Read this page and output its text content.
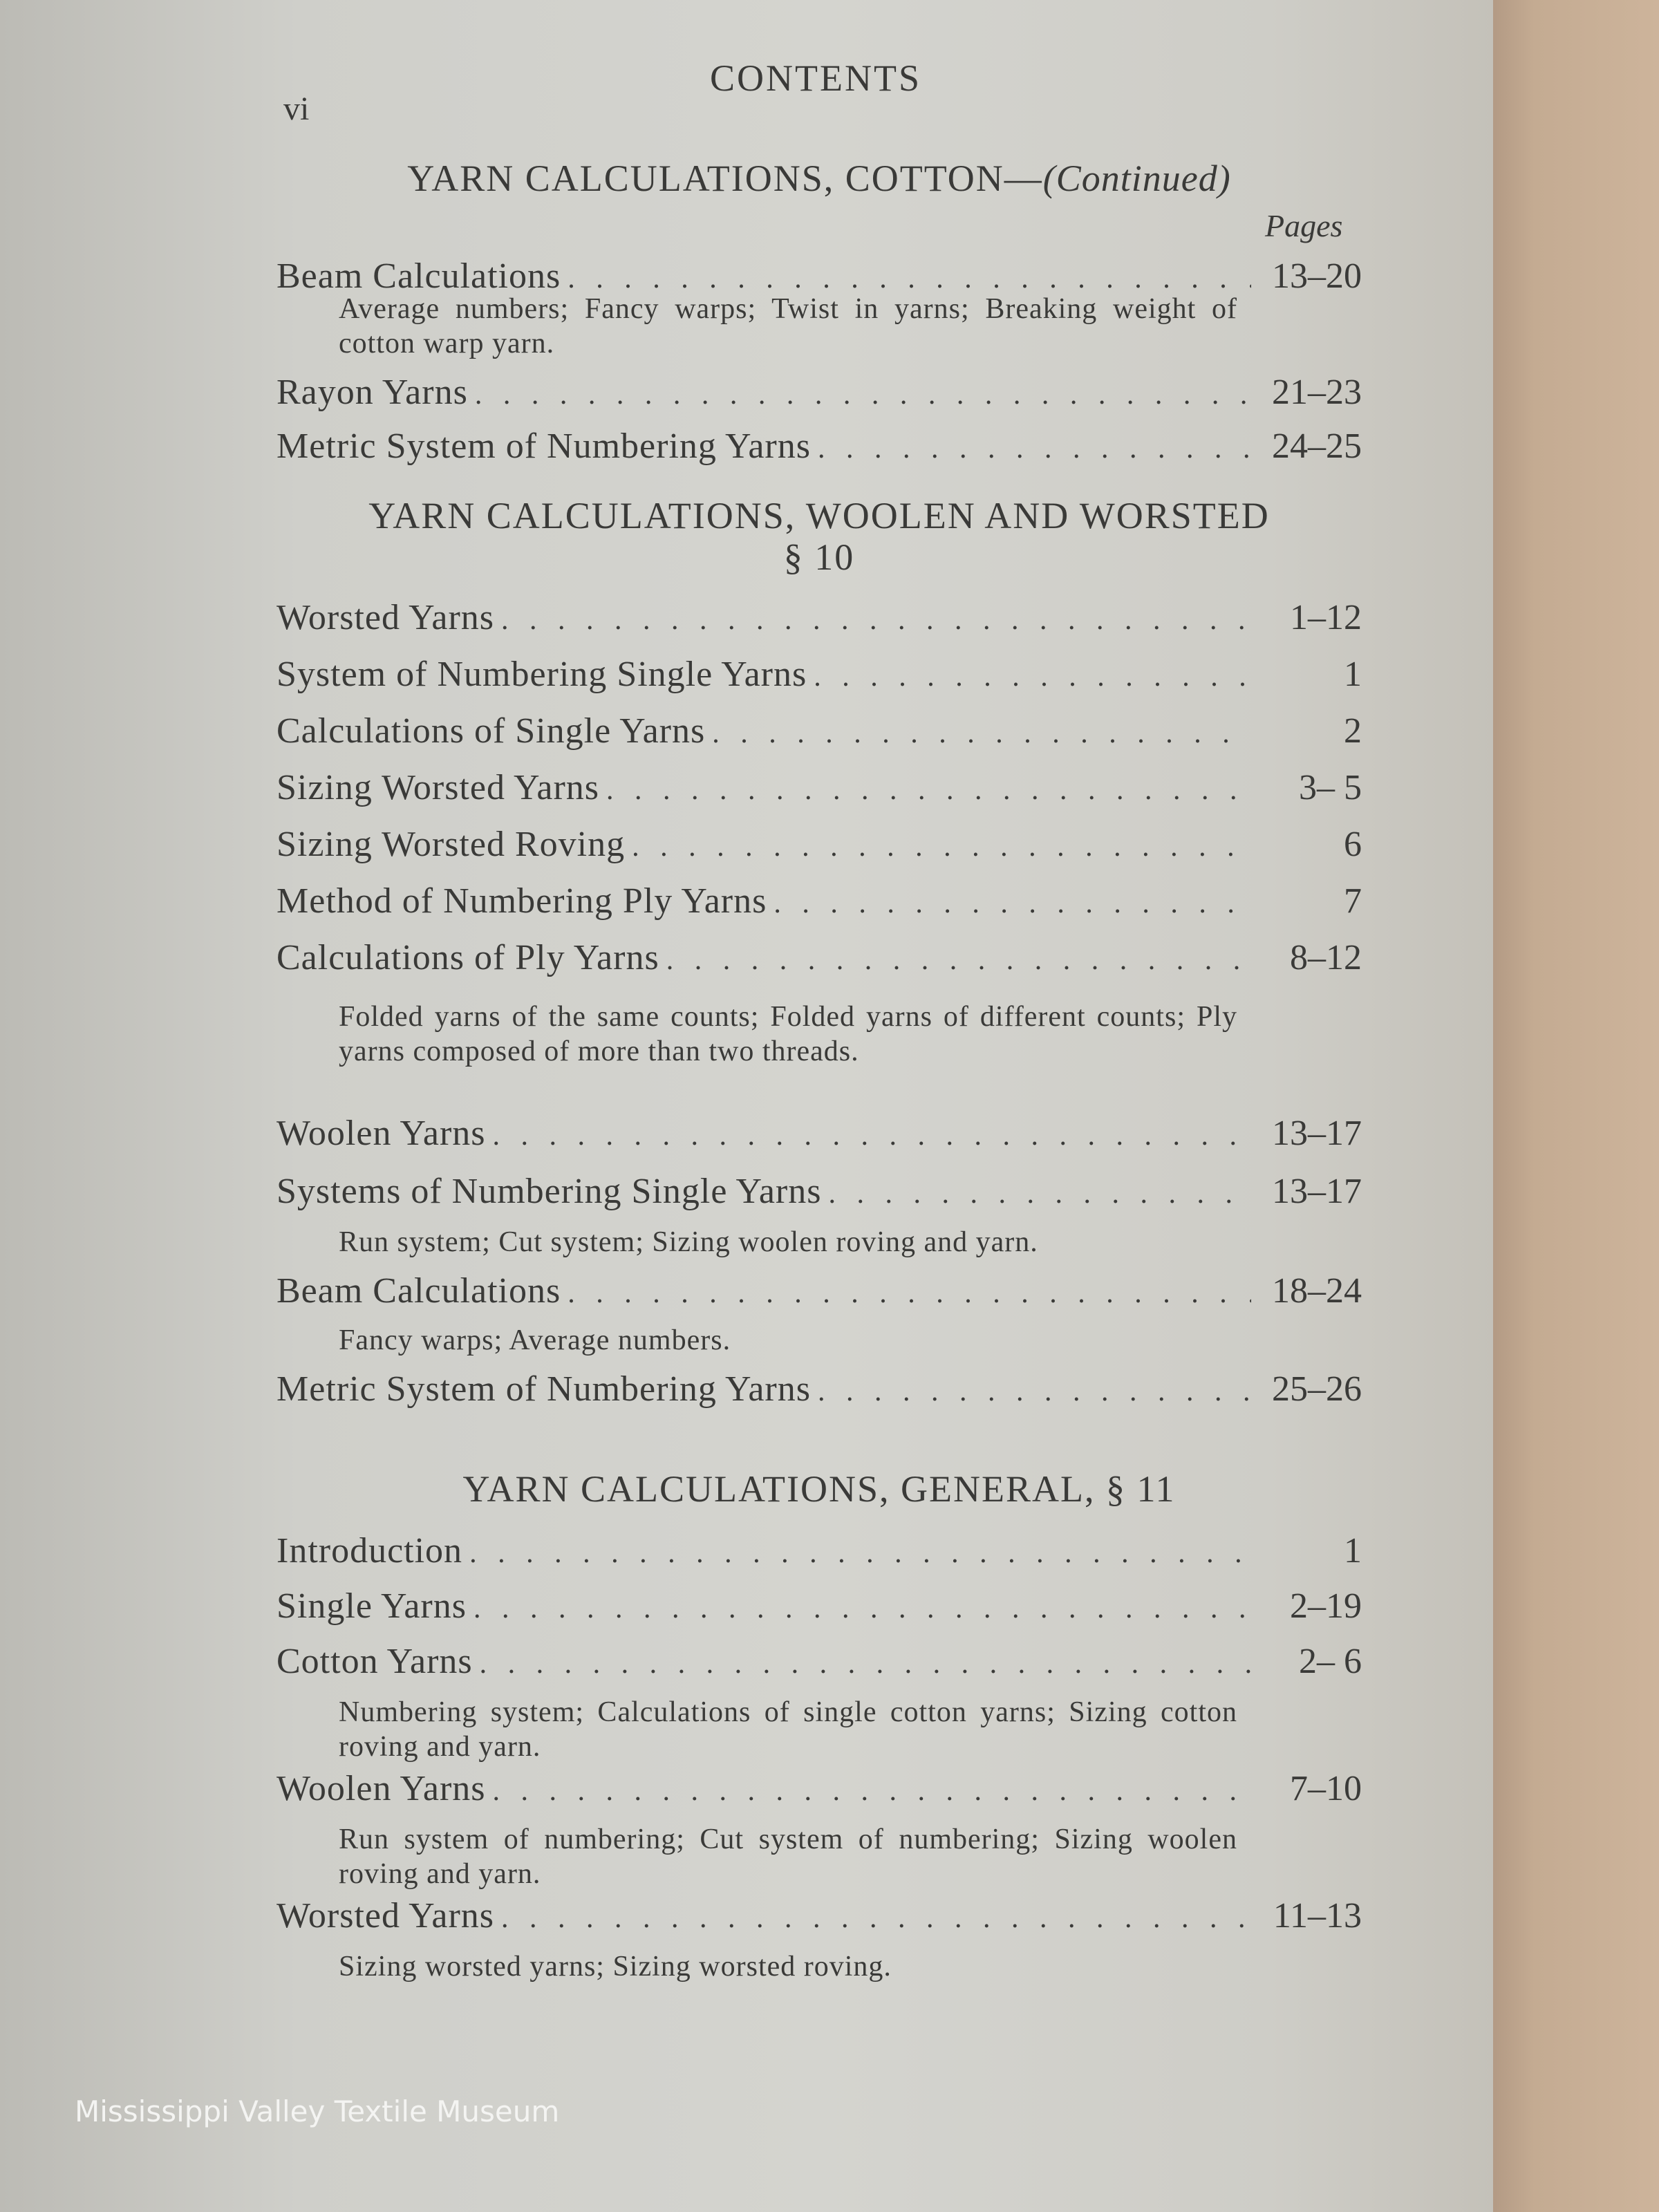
CONTENTS
vi
YARN CALCULATIONS, COTTON—(Continued)
Pages
Beam Calculations . . .	13–20
Average numbers; Fancy warps; Twist in yarns; Breaking weight of cotton warp yarn.
Rayon Yarns . . .	21–23
Metric System of Numbering Yarns . . .	24–25
YARN CALCULATIONS, WOOLEN AND WORSTED
§ 10
Worsted Yarns . . .	1–12
System of Numbering Single Yarns . . .	1
Calculations of Single Yarns . . .	2
Sizing Worsted Yarns . . .	3– 5
Sizing Worsted Roving . . .	6
Method of Numbering Ply Yarns . . .	7
Calculations of Ply Yarns . . .	8–12
Folded yarns of the same counts; Folded yarns of different counts; Ply yarns composed of more than two threads.
Woolen Yarns . . .	13–17
Systems of Numbering Single Yarns . . .	13–17
Run system; Cut system; Sizing woolen roving and yarn.
Beam Calculations . . .	18–24
Fancy warps; Average numbers.
Metric System of Numbering Yarns . . .	25–26
YARN CALCULATIONS, GENERAL, § 11
Introduction . . .	1
Single Yarns . . .	2–19
Cotton Yarns . . .	2– 6
Numbering system; Calculations of single cotton yarns; Sizing cotton roving and yarn.
Woolen Yarns . . .	7–10
Run system of numbering; Cut system of numbering; Sizing woolen roving and yarn.
Worsted Yarns . . .	11–13
Sizing worsted yarns; Sizing worsted roving.
Mississippi Valley Textile Museum
